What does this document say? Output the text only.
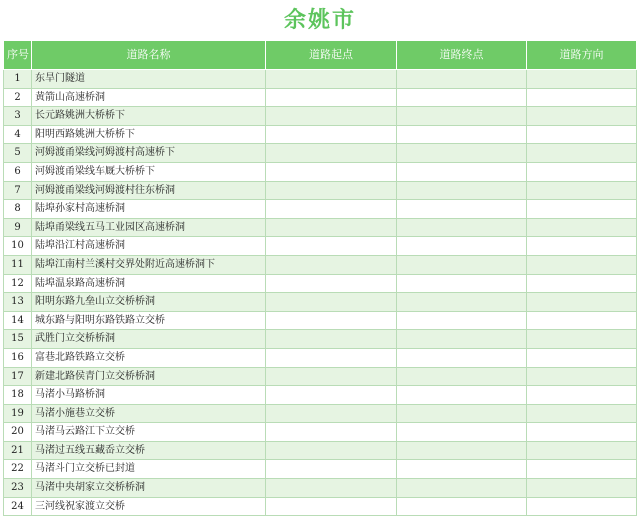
余姚市
序号	道路名称	道路起点	道路终点	道路方向
1	东旱门隧道			
2	黄箭山高速桥洞			
3	长元路姚洲大桥桥下			
4	阳明西路姚洲大桥桥下			
5	河姆渡甬梁线河姆渡村高速桥下			
6	河姆渡甬梁线车厩大桥桥下			
7	河姆渡甬梁线河姆渡村往东桥洞			
8	陆埠孙家村高速桥洞			
9	陆埠甬梁线五马工业园区高速桥洞			
10	陆埠沿江村高速桥洞			
11	陆埠江南村兰溪村交界处附近高速桥洞下			
12	陆埠温泉路高速桥洞			
13	阳明东路九垒山立交桥桥洞			
14	城东路与阳明东路铁路立交桥			
15	武胜门立交桥桥洞			
16	富巷北路铁路立交桥			
17	新建北路侯青门立交桥桥洞			
18	马渚小马路桥洞			
19	马渚小施巷立交桥			
20	马渚马云路江下立交桥			
21	马渚过五线五藏岙立交桥			
22	马渚斗门立交桥已封道			
23	马渚中央胡家立交桥桥洞			
24	三河线祝家渡立交桥			
